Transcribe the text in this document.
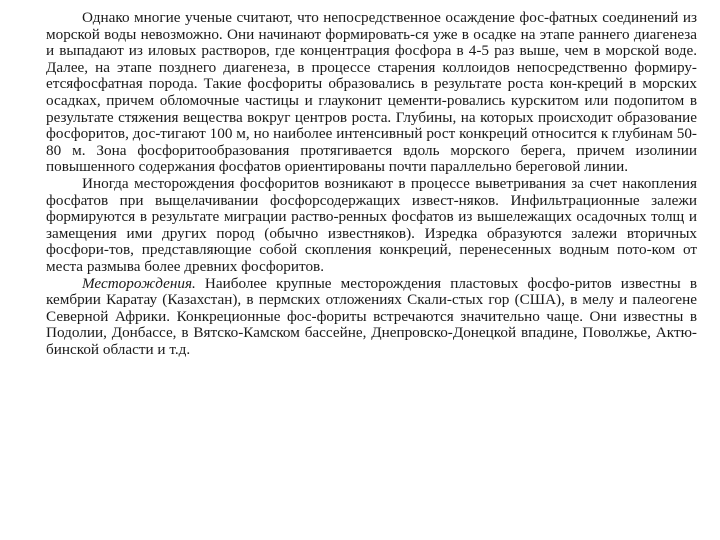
Однако многие ученые считают, что непосредственное осаждение фос-фатных соединений из морской воды невозможно. Они начинают формировать-ся уже в осадке на этапе раннего диагенеза и выпадают из иловых растворов, где концентрация фосфора в 4-5 раз выше, чем в морской воде. Далее, на этапе позднего диагенеза, в процессе старения коллоидов непосредственно формиру-етсяфосфатная порода. Такие фосфориты образовались в результате роста кон-креций в морских осадках, причем обломочные частицы и глауконит цементи-ровались курскитом или подопитом в результате стяжения вещества вокруг центров роста. Глубины, на которых происходит образование фосфоритов, дос-тигают 100 м, но наиболее интенсивный рост конкреций относится к глубинам 50-80 м. Зона фосфоритообразования протягивается вдоль морского берега, причем изолинии повышенного содержания фосфатов ориентированы почти параллельно береговой линии.

Иногда месторождения фосфоритов возникают в процессе выветривания за счет накопления фосфатов при выщелачивании фосфорсодержащих извест-няков. Инфильтрационные залежи формируются в результате миграции раство-ренных фосфатов из вышележащих осадочных толщ и замещения ими других пород (обычно известняков). Изредка образуются залежи вторичных фосфори-тов, представляющие собой скопления конкреций, перенесенных водным пото-ком от места размыва более древних фосфоритов.

Месторождения. Наиболее крупные месторождения пластовых фосфо-ритов известны в кембрии Каратау (Казахстан), в пермских отложениях Скали-стых гор (США), в мелу и палеогене Северной Африки. Конкреционные фос-фориты встречаются значительно чаще. Они известны в Подолии, Донбассе, в Вятско-Камском бассейне, Днепровско-Донецкой впадине, Поволжье, Актю-бинской области и т.д.
